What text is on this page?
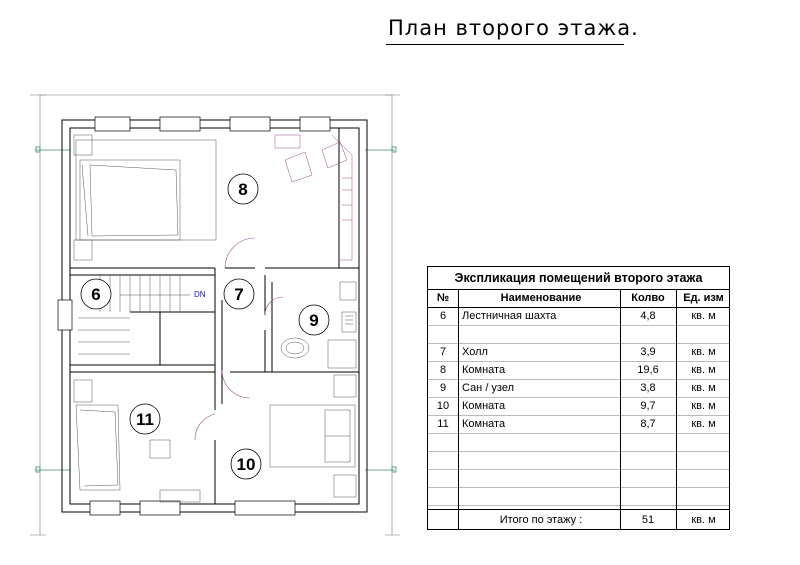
План второго этажа.
8
6	7
9
11
10
DN
Экспликация помещений второго этажа
№	Наименование	Колво	Ед. изм
6	Лестничная шахта	4,8	кв. м
7	Холл	3,9	кв. м
8	Комната	19,6	кв. м
9	Сан / узел	3,8	кв. м
10	Комната	9,7	кв. м
11	Комната	8,7	кв. м
Итого по этажу :	51	кв. м
